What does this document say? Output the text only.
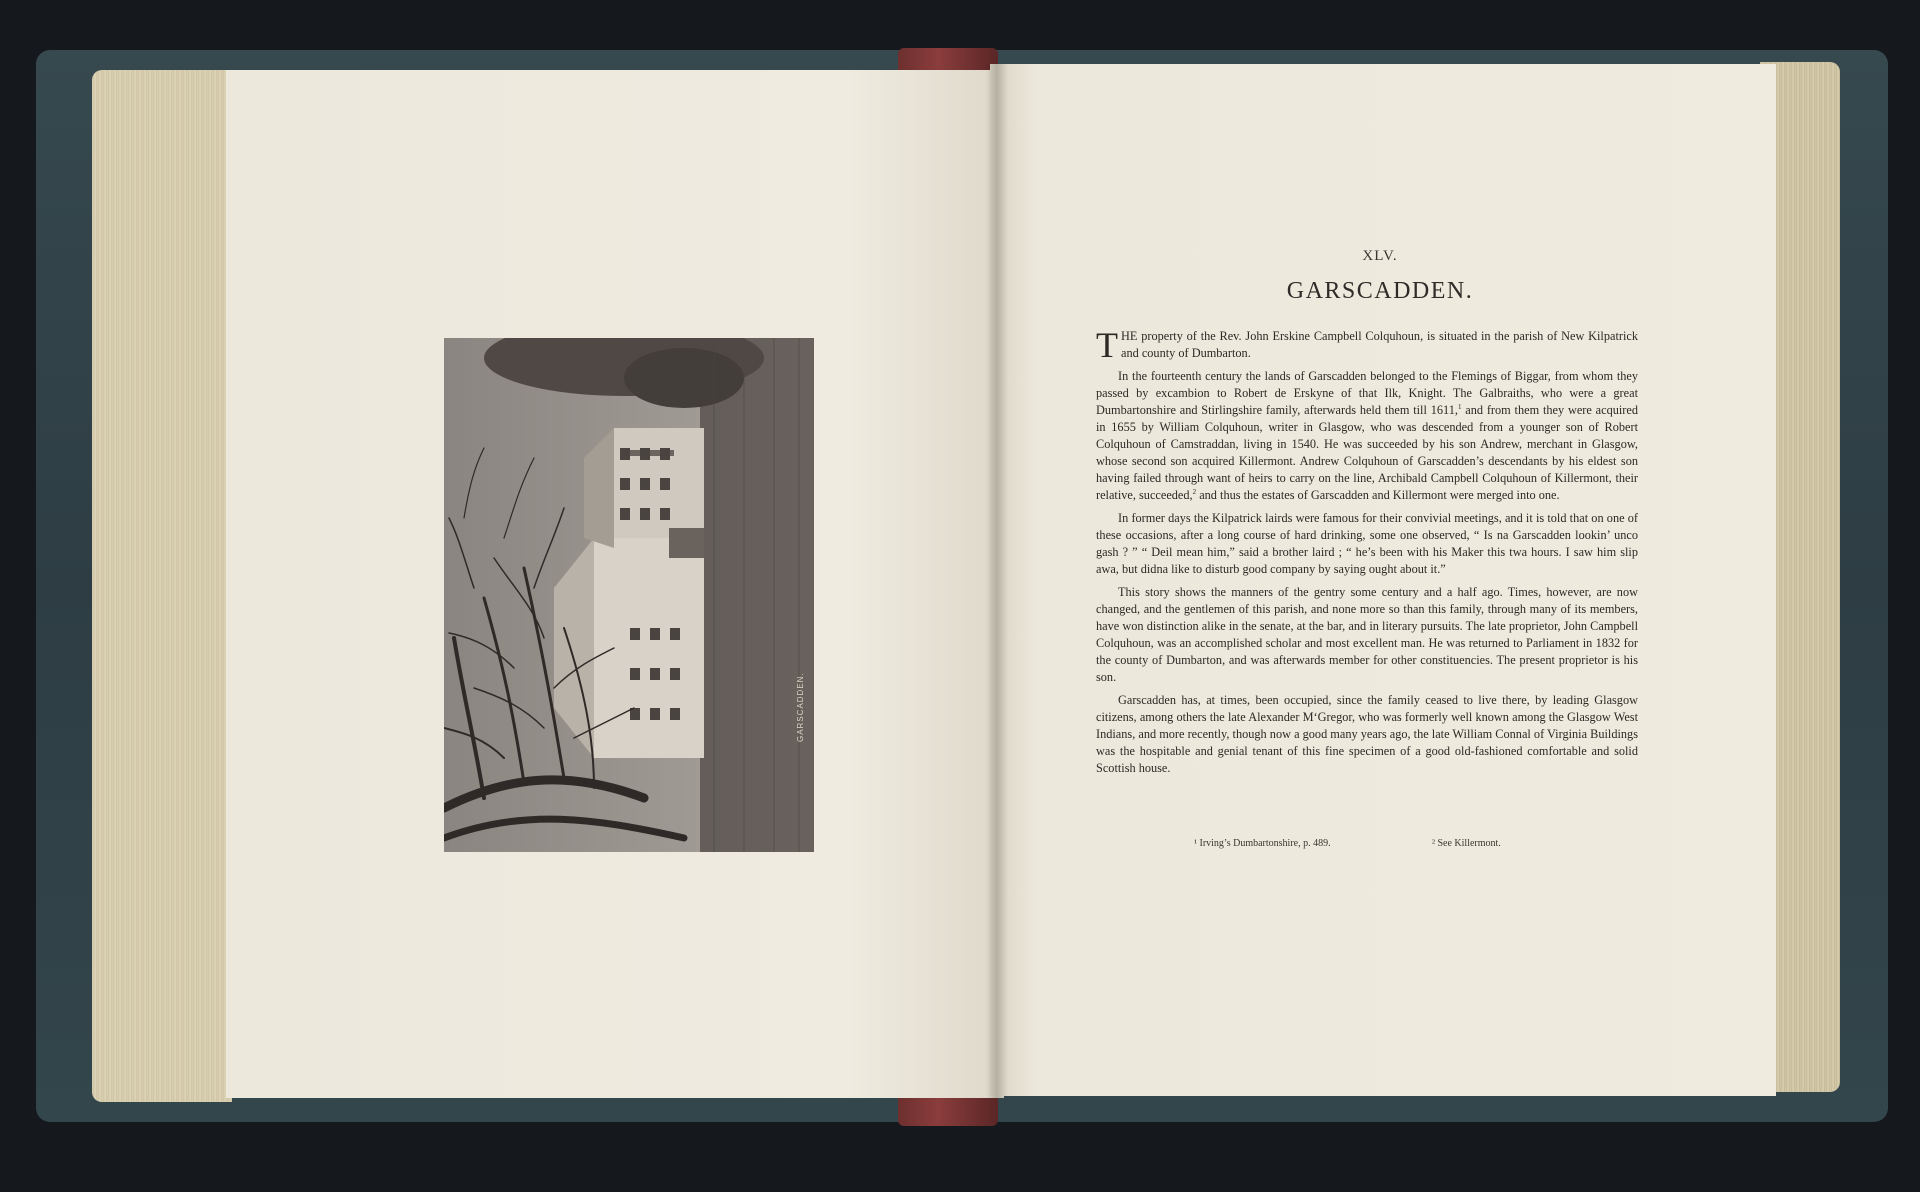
GARSCADDEN.
XLV.
GARSCADDEN.

THE property of the Rev. John Erskine Campbell Colquhoun, is situated in the parish of New Kilpatrick and county of Dumbarton.

In the fourteenth century the lands of Garscadden belonged to the Flemings of Biggar, from whom they passed by excambion to Robert de Erskyne of that Ilk, Knight. The Galbraiths, who were a great Dumbartonshire and Stirlingshire family, afterwards held them till 1611,$^1$ and from them they were acquired in 1655 by William Colquhoun, writer in Glasgow, who was descended from a younger son of Robert Colquhoun of Camstraddan, living in 1540. He was succeeded by his son Andrew, merchant in Glasgow, whose second son acquired Killermont. Andrew Colquhoun of Garscadden’s descendants by his eldest son having failed through want of heirs to carry on the line, Archibald Campbell Colquhoun of Killermont, their relative, succeeded,$^2$ and thus the estates of Garscadden and Killermont were merged into one.

In former days the Kilpatrick lairds were famous for their convivial meetings, and it is told that on one of these occasions, after a long course of hard drinking, some one observed, “ Is na Garscadden lookin’ unco gash ? ” “ Deil mean him,” said a brother laird ; “ he’s been with his Maker this twa hours. I saw him slip awa, but didna like to disturb good company by saying ought about it.”

This story shows the manners of the gentry some century and a half ago. Times, however, are now changed, and the gentlemen of this parish, and none more so than this family, through many of its members, have won distinction alike in the senate, at the bar, and in literary pursuits. The late proprietor, John Campbell Colquhoun, was an accomplished scholar and most excellent man. He was returned to Parliament in 1832 for the county of Dumbarton, and was afterwards member for other constituencies. The present proprietor is his son.

Garscadden has, at times, been occupied, since the family ceased to live there, by leading Glasgow citizens, among others the late Alexander M‘Gregor, who was formerly well known among the Glasgow West Indians, and more recently, though now a good many years ago, the late William Connal of Virginia Buildings was the hospitable and genial tenant of this fine specimen of a good old-fashioned comfortable and solid Scottish house.

¹ Irving’s Dumbartonshire, p. 489.	² See Killermont.
